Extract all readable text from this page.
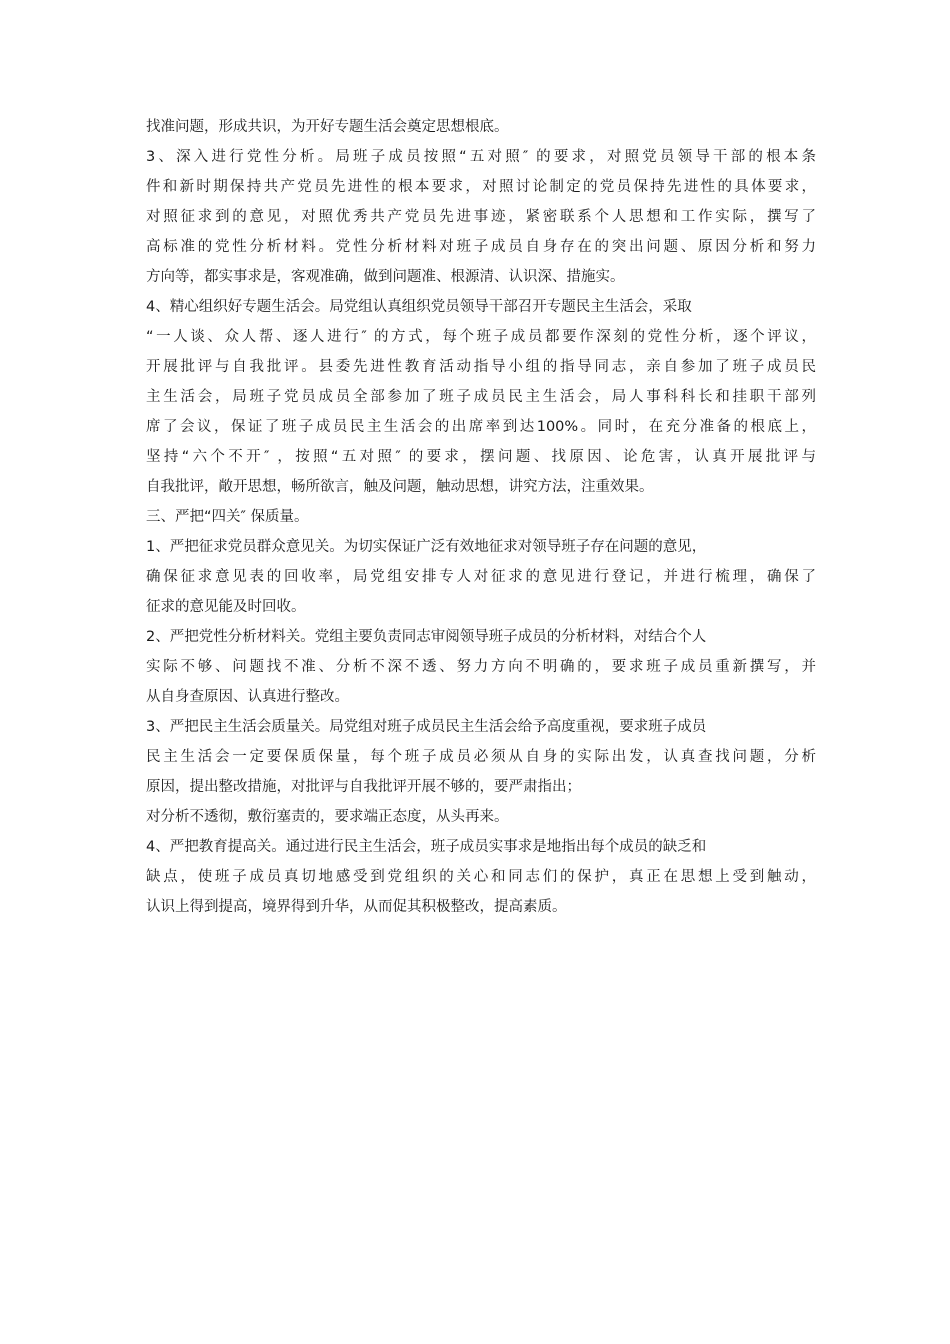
找准问题，形成共识，为开好专题生活会奠定思想根底。
3、深入进行党性分析。局班子成员按照“五对照″ 的要求，对照党员领导干部的根本条
件和新时期保持共产党员先进性的根本要求，对照讨论制定的党员保持先进性的具体要求，
对照征求到的意见，对照优秀共产党员先进事迹，紧密联系个人思想和工作实际，撰写了
高标准的党性分析材料。党性分析材料对班子成员自身存在的突出问题、原因分析和努力
方向等，都实事求是，客观准确，做到问题准、根源清、认识深、措施实。
4、精心组织好专题生活会。局党组认真组织党员领导干部召开专题民主生活会，采取
“一人谈、众人帮、逐人进行″ 的方式，每个班子成员都要作深刻的党性分析，逐个评议，
开展批评与自我批评。县委先进性教育活动指导小组的指导同志，亲自参加了班子成员民
主生活会，局班子党员成员全部参加了班子成员民主生活会，局人事科科长和挂职干部列
席了会议，保证了班子成员民主生活会的出席率到达100%。同时，在充分准备的根底上，
坚持“六个不开″ ，按照“五对照″ 的要求，摆问题、找原因、论危害，认真开展批评与
自我批评，敞开思想，畅所欲言，触及问题，触动思想，讲究方法，注重效果。
三、严把“四关″ 保质量。
1、严把征求党员群众意见关。为切实保证广泛有效地征求对领导班子存在问题的意见，
确保征求意见表的回收率，局党组安排专人对征求的意见进行登记，并进行梳理，确保了
征求的意见能及时回收。
2、严把党性分析材料关。党组主要负责同志审阅领导班子成员的分析材料，对结合个人
实际不够、问题找不准、分析不深不透、努力方向不明确的，要求班子成员重新撰写，并
从自身查原因、认真进行整改。
3、严把民主生活会质量关。局党组对班子成员民主生活会给予高度重视，要求班子成员
民主生活会一定要保质保量，每个班子成员必须从自身的实际出发，认真查找问题，分析
原因，提出整改措施，对批评与自我批评开展不够的，要严肃指出；
对分析不透彻，敷衍塞责的，要求端正态度，从头再来。
4、严把教育提高关。通过进行民主生活会，班子成员实事求是地指出每个成员的缺乏和
缺点，使班子成员真切地感受到党组织的关心和同志们的保护，真正在思想上受到触动，
认识上得到提高，境界得到升华，从而促其积极整改，提高素质。
